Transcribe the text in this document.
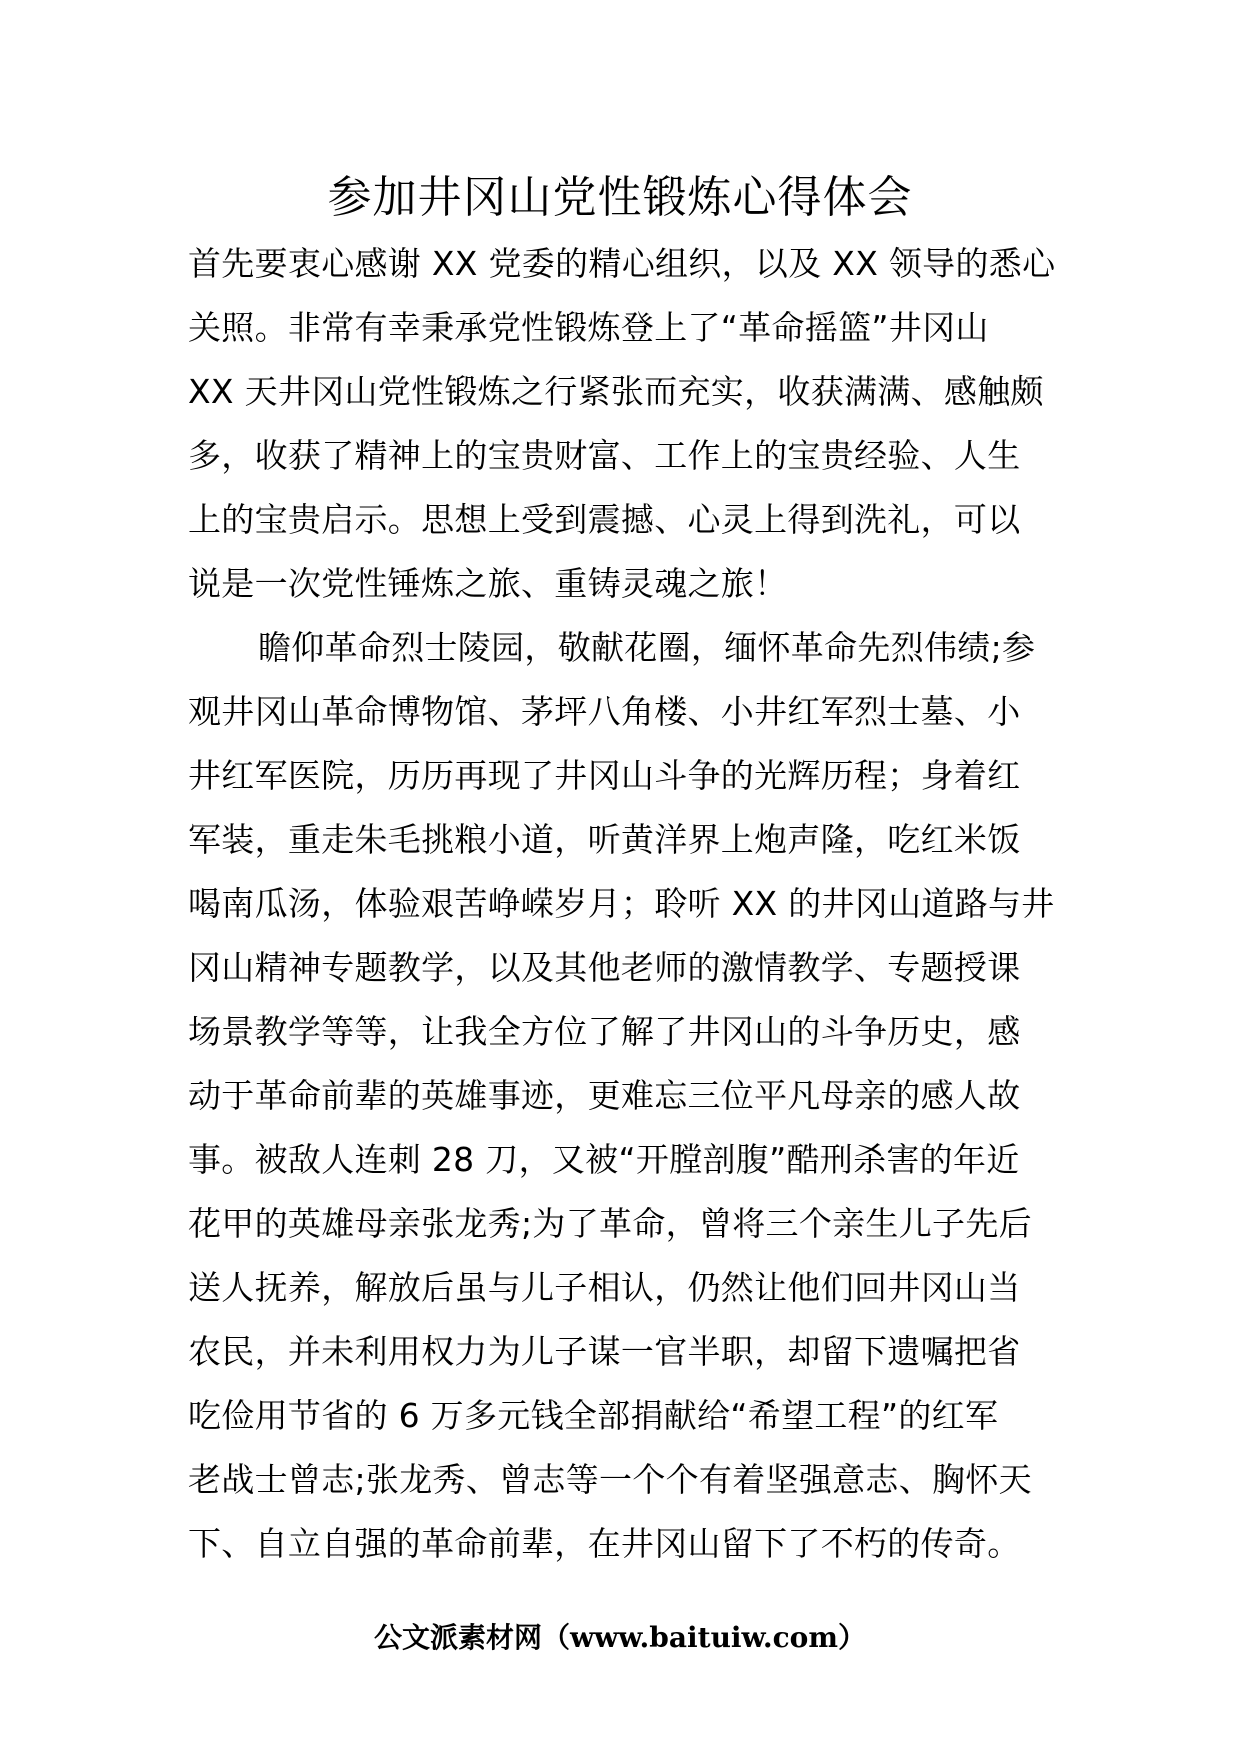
参加井冈山党性锻炼心得体会
首先要衷心感谢 XX 党委的精心组织，以及 XX 领导的悉心
关照。非常有幸秉承党性锻炼登上了“革命摇篮”井冈山
XX 天井冈山党性锻炼之行紧张而充实，收获满满、感触颇
多，收获了精神上的宝贵财富、工作上的宝贵经验、人生
上的宝贵启示。思想上受到震撼、心灵上得到洗礼，可以
说是一次党性锤炼之旅、重铸灵魂之旅！
瞻仰革命烈士陵园，敬献花圈，缅怀革命先烈伟绩;参
观井冈山革命博物馆、茅坪八角楼、小井红军烈士墓、小
井红军医院，历历再现了井冈山斗争的光辉历程；身着红
军装，重走朱毛挑粮小道，听黄洋界上炮声隆，吃红米饭
喝南瓜汤，体验艰苦峥嵘岁月；聆听 XX 的井冈山道路与井
冈山精神专题教学，以及其他老师的激情教学、专题授课
场景教学等等，让我全方位了解了井冈山的斗争历史，感
动于革命前辈的英雄事迹，更难忘三位平凡母亲的感人故
事。被敌人连刺 28 刀，又被“开膛剖腹”酷刑杀害的年近
花甲的英雄母亲张龙秀;为了革命，曾将三个亲生儿子先后
送人抚养，解放后虽与儿子相认，仍然让他们回井冈山当
农民，并未利用权力为儿子谋一官半职，却留下遗嘱把省
吃俭用节省的 6 万多元钱全部捐献给“希望工程”的红军
老战士曾志;张龙秀、曾志等一个个有着坚强意志、胸怀天
下、自立自强的革命前辈，在井冈山留下了不朽的传奇。
公文派素材网（www.baituiw.com）
